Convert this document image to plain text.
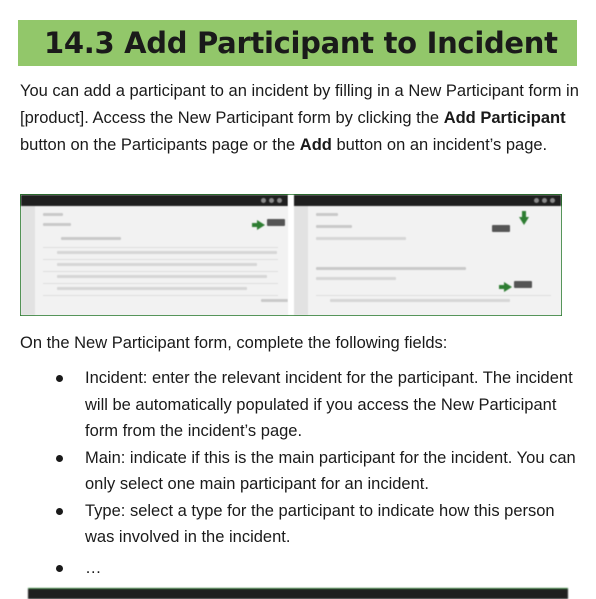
14.3 Add Participant to Incident

You can add a participant to an incident by filling in a New Participant form in [product]. Access the New Participant form by clicking the Add Participant button on the Participants page or the Add button on an incident’s page.

On the New Participant form, complete the following fields:

Incident: enter the relevant incident for the participant. The incident will be automatically populated if you access the New Participant form from the incident’s page.
Main: indicate if this is the main participant for the incident. You can only select one main participant for an incident.
Type: select a type for the participant to indicate how this person was involved in the incident.
…
